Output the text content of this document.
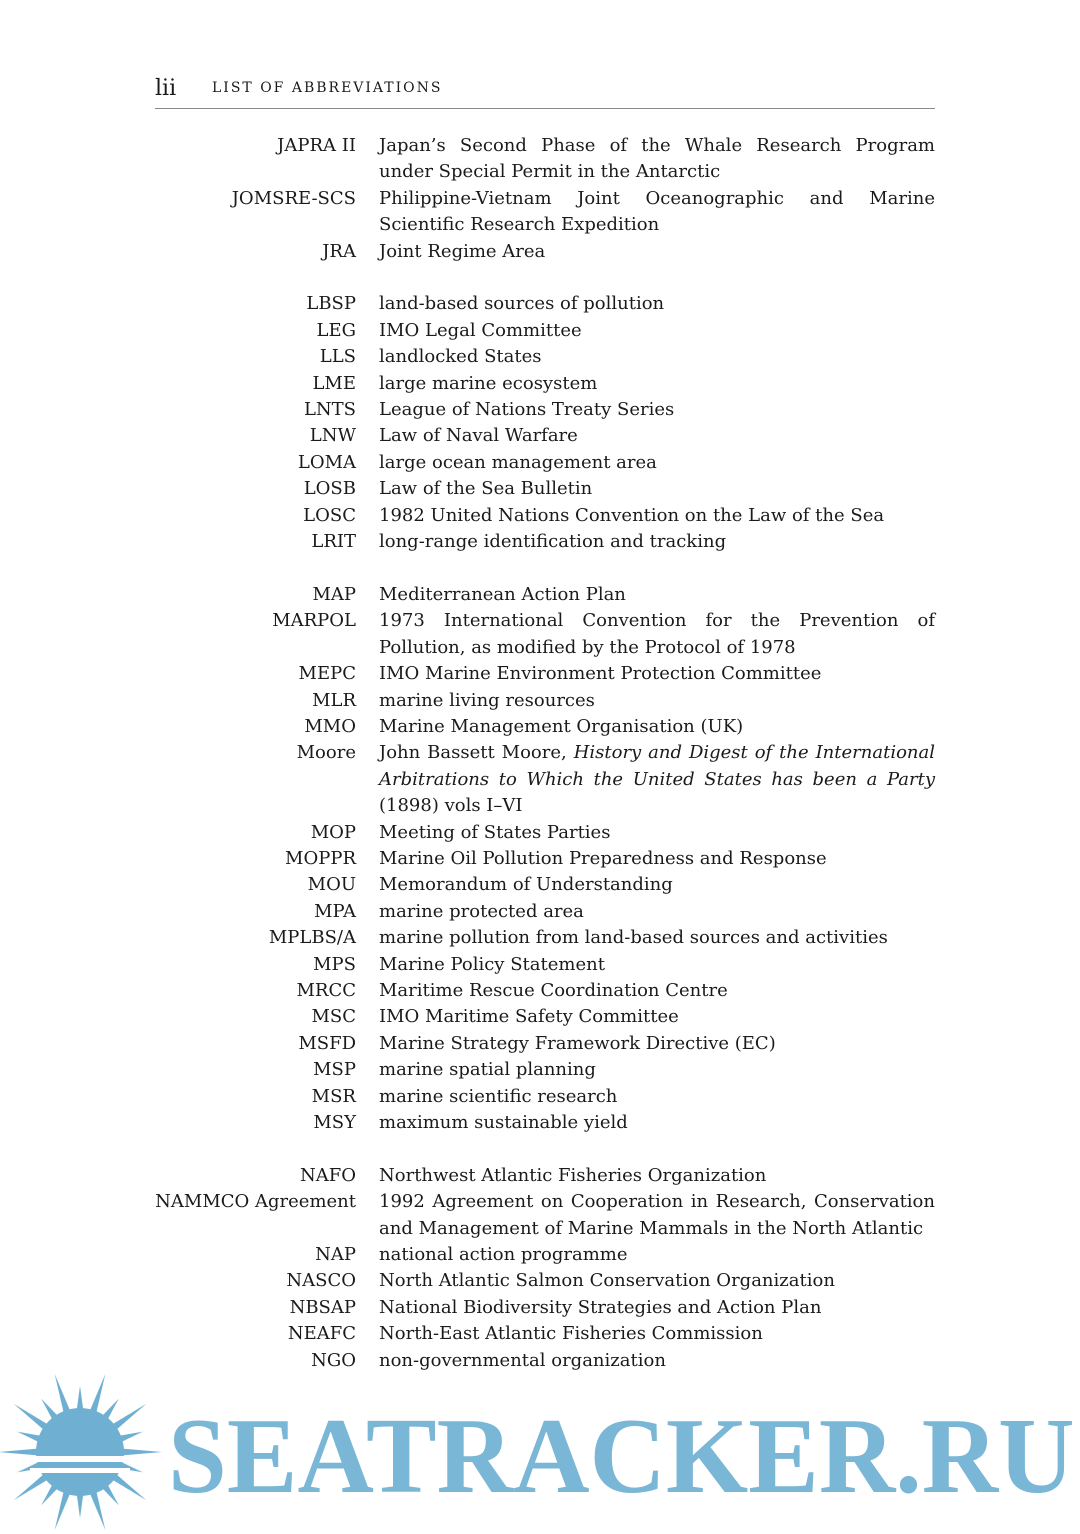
lii	LIST OF ABBREVIATIONS
JAPRA II Japan’s Second Phase of the Whale Research Program under Special Permit in the Antarctic
JOMSRE-SCS Philippine-Vietnam Joint Oceanographic and Marine Scientific Research Expedition
JRA Joint Regime Area
LBSP land-based sources of pollution
LEG IMO Legal Committee
LLS landlocked States
LME large marine ecosystem
LNTS League of Nations Treaty Series
LNW Law of Naval Warfare
LOMA large ocean management area
LOSB Law of the Sea Bulletin
LOSC 1982 United Nations Convention on the Law of the Sea
LRIT long-range identification and tracking
MAP Mediterranean Action Plan
MARPOL 1973 International Convention for the Prevention of Pollution, as modified by the Protocol of 1978
MEPC IMO Marine Environment Protection Committee
MLR marine living resources
MMO Marine Management Organisation (UK)
Moore John Bassett Moore, History and Digest of the International Arbitrations to Which the United States has been a Party (1898) vols I–VI
MOP Meeting of States Parties
MOPPR Marine Oil Pollution Preparedness and Response
MOU Memorandum of Understanding
MPA marine protected area
MPLBS/A marine pollution from land-based sources and activities
MPS Marine Policy Statement
MRCC Maritime Rescue Coordination Centre
MSC IMO Maritime Safety Committee
MSFD Marine Strategy Framework Directive (EC)
MSP marine spatial planning
MSR marine scientific research
MSY maximum sustainable yield
NAFO Northwest Atlantic Fisheries Organization
NAMMCO Agreement 1992 Agreement on Cooperation in Research, Conservation and Management of Marine Mammals in the North Atlantic
NAP national action programme
NASCO North Atlantic Salmon Conservation Organization
NBSAP National Biodiversity Strategies and Action Plan
NEAFC North-East Atlantic Fisheries Commission
NGO non-governmental organization
SEATRACKER.RU
